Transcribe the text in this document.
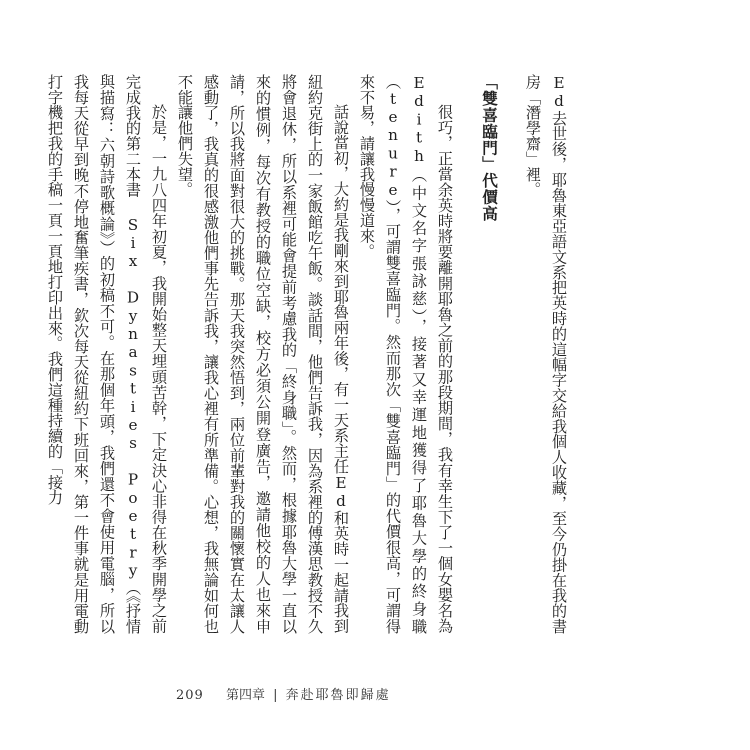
Ed去世後，耶魯東亞語文系把英時的這幅字交給我個人收藏，至今仍掛在我的書房「潛學齋」裡。

「雙喜臨門」代價高

很巧，正當余英時將要離開耶魯之前的那段期間，我有幸生下了一個女嬰名為 Edith（中文名字張詠慈），接著又幸運地獲得了耶魯大學的終身職（tenure），可謂雙喜臨門。然而那次「雙喜臨門」的代價很高，可謂得來不易，請讓我慢慢道來。

話說當初，大約是我剛來到耶魯兩年後，有一天系主任Ed和英時一起請我到紐約克街上的一家飯館吃午飯。談話間，他們告訴我，因為系裡的傅漢思教授不久將會退休，所以系裡可能會提前考慮我的「終身職」。然而，根據耶魯大學一直以來的慣例，每次有教授的職位空缺，校方必須公開登廣告，邀請他校的人也來申請，所以我將面對很大的挑戰。那天我突然悟到，兩位前輩對我的關懷實在太讓人感動了，我真的很感激他們事先告訴我，讓我心裡有所準備。心想，我無論如何也不能讓他們失望。

於是，一九八四年初夏，我開始整天埋頭苦幹，下定決心非得在秋季開學之前完成我的第二本書 Six Dynasties Poetry（《抒情與描寫：六朝詩歌概論》）的初稿不可。在那個年頭，我們還不會使用電腦，所以我每天從早到晚不停地奮筆疾書，欽次每天從紐約下班回來，第一件事就是用電動打字機把我的手稿一頁一頁地打印出來。我們這種持續的「接力

209 第四章 | 奔赴耶魯即歸處
